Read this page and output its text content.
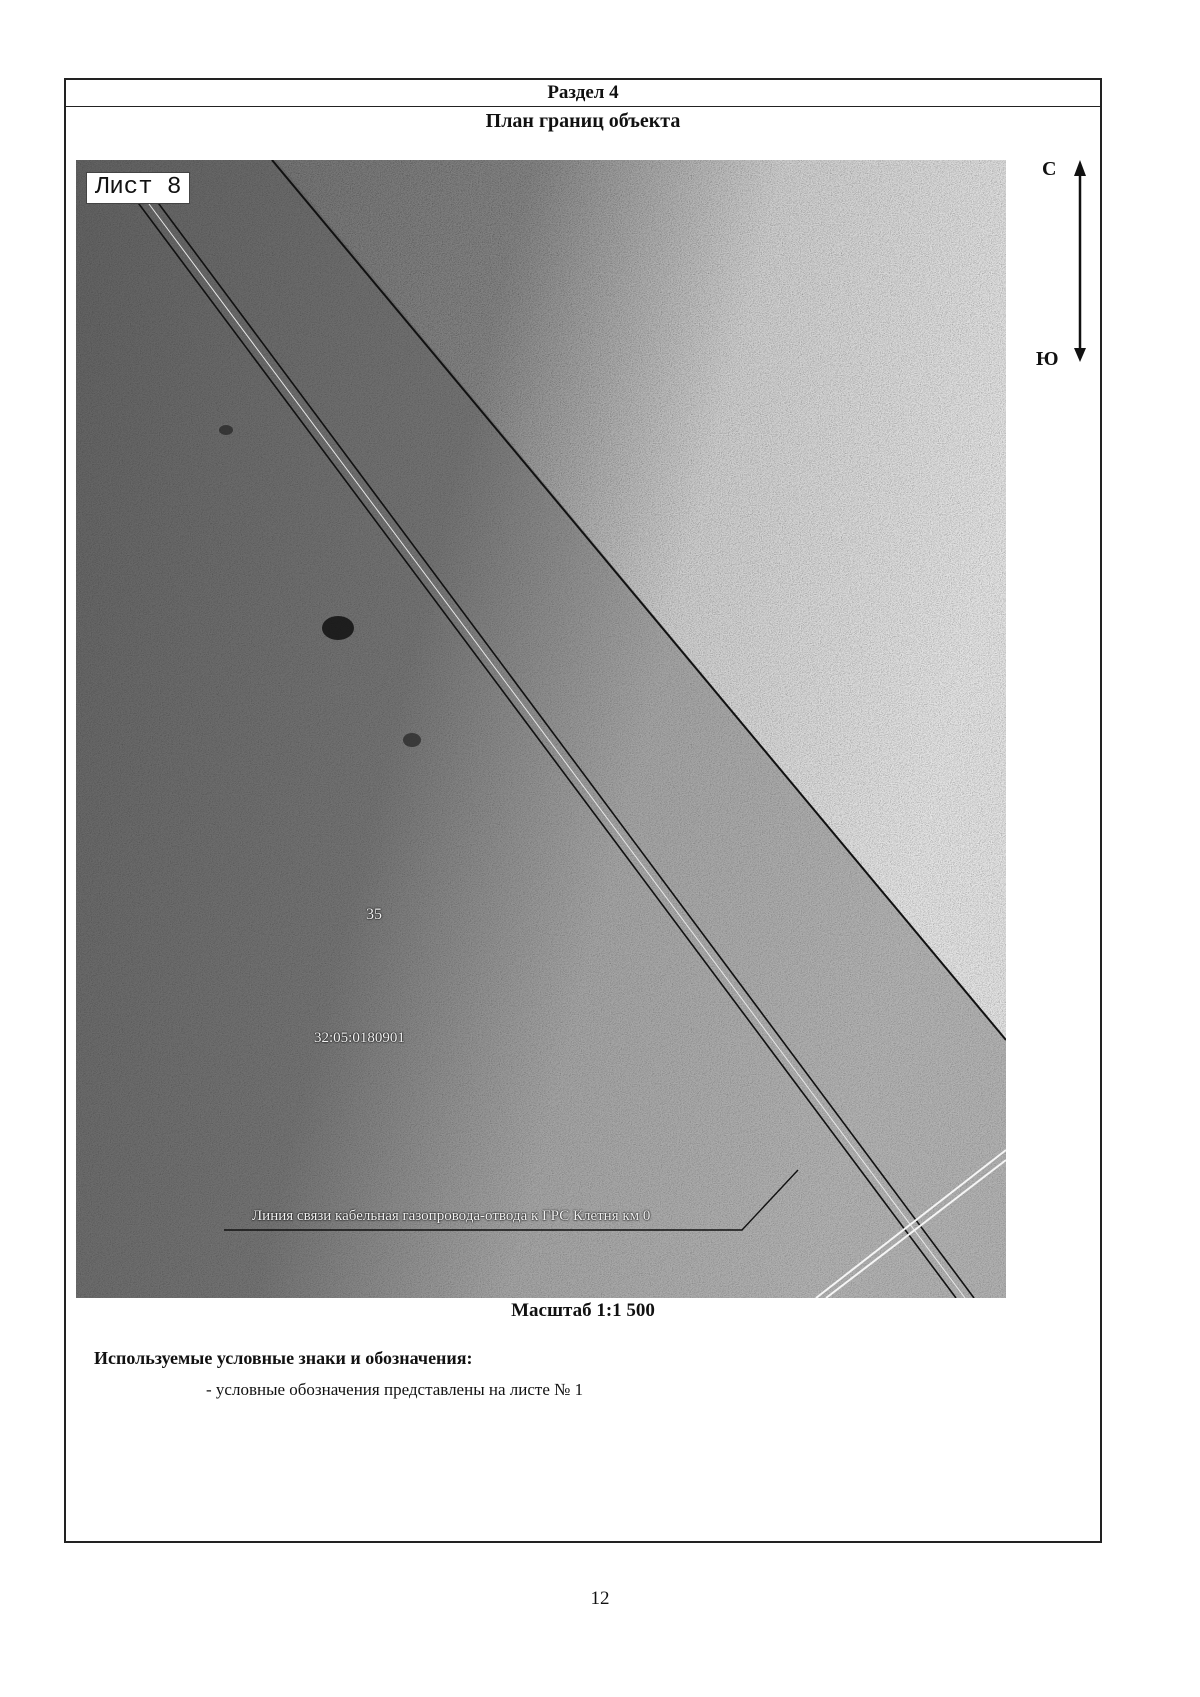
Раздел 4
План границ объекта
Лист 8
35
32:05:0180901
Линия связи кабельная газопровода-отвода к ГРС Клетня км 0
С
Ю
Масштаб 1:1 500
Используемые условные знаки и обозначения:
- условные обозначения представлены на листе № 1
12
